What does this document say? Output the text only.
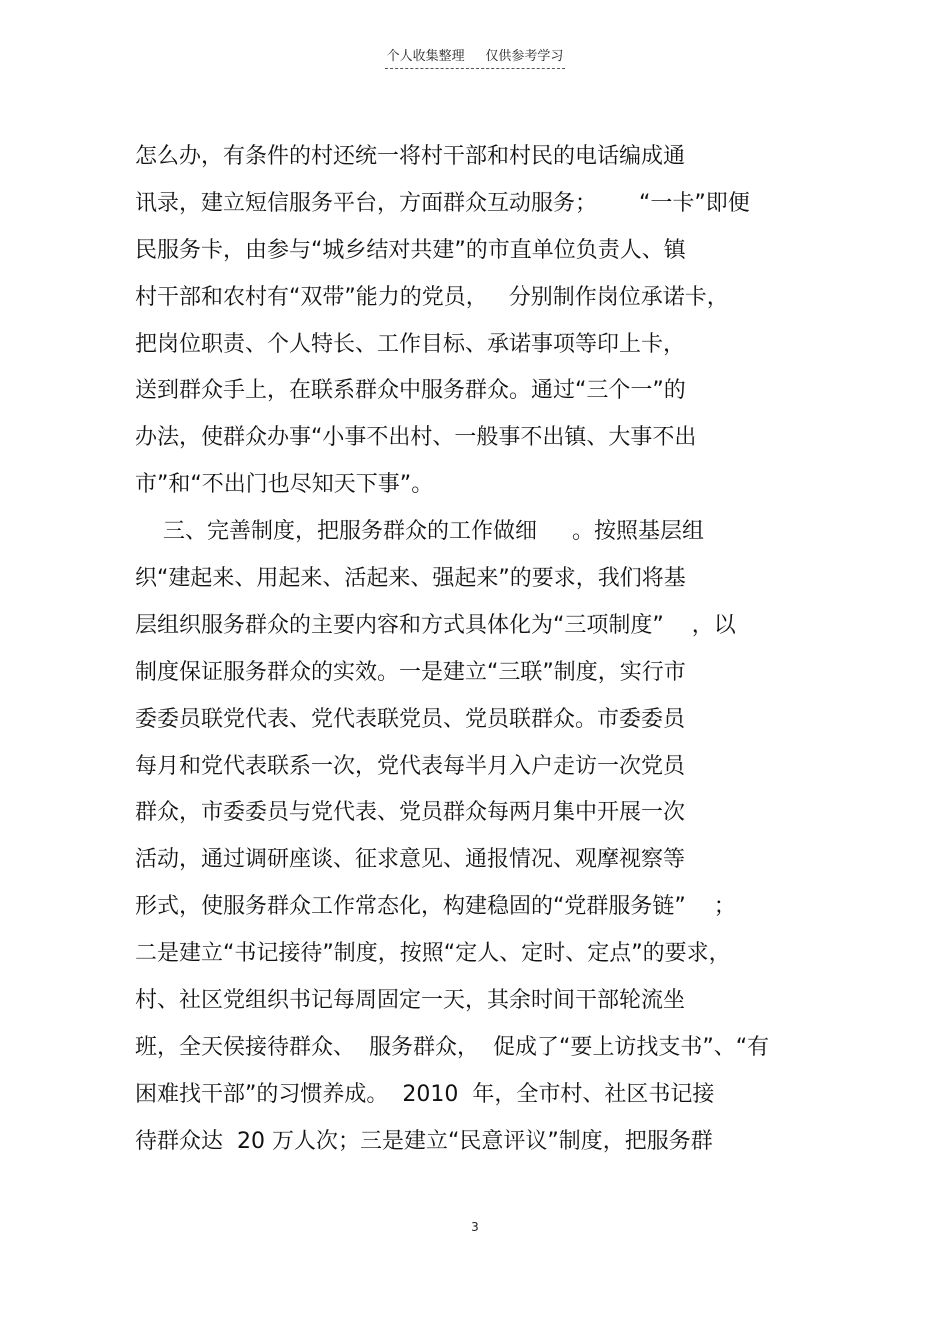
个人收集整理     仅供参考学习
怎么办，有条件的村还统一将村干部和村民的电话编成通
讯录，建立短信服务平台，方面群众互动服务；      “一卡”即便
民服务卡，由参与“城乡结对共建”的市直单位负责人、镇
村干部和农村有“双带”能力的党员，   分别制作岗位承诺卡，
把岗位职责、个人特长、工作目标、承诺事项等印上卡，
送到群众手上，在联系群众中服务群众。通过“三个一”的
办法，使群众办事“小事不出村、一般事不出镇、大事不出
市”和“不出门也尽知天下事”。
三、完善制度，把服务群众的工作做细     。按照基层组
织“建起来、用起来、活起来、强起来”的要求，我们将基
层组织服务群众的主要内容和方式具体化为“三项制度”    ，以
制度保证服务群众的实效。一是建立“三联”制度，实行市
委委员联党代表、党代表联党员、党员联群众。市委委员
每月和党代表联系一次，党代表每半月入户走访一次党员
群众，市委委员与党代表、党员群众每两月集中开展一次
活动，通过调研座谈、征求意见、通报情况、观摩视察等
形式，使服务群众工作常态化，构建稳固的“党群服务链”    ；
二是建立“书记接待”制度，按照“定人、定时、定点”的要求，
村、社区党组织书记每周固定一天，其余时间干部轮流坐
班，全天侯接待群众、  服务群众，  促成了“要上访找支书”、“有
困难找干部”的习惯养成。  2010  年，全市村、社区书记接
待群众达  20 万人次；三是建立“民意评议”制度，把服务群
3
